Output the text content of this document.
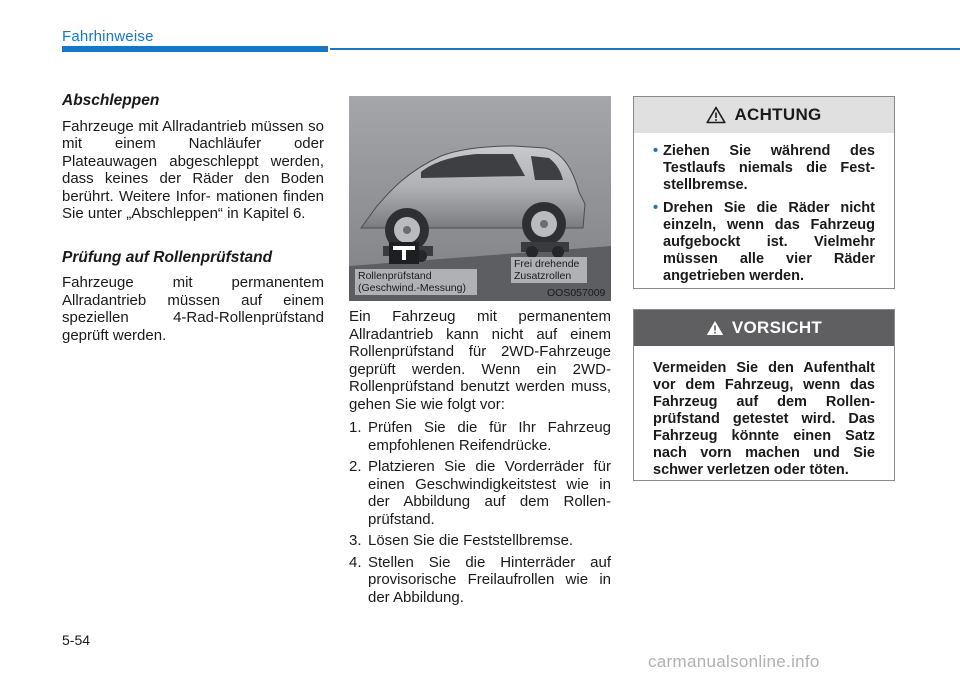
Fahrhinweise
Abschleppen

Fahrzeuge mit Allradantrieb müssen so mit einem Nachläufer oder Plateauwagen abgeschleppt werden, dass keines der Räder den Boden berührt. Weitere Infor- mationen finden Sie unter „Abschleppen“ in Kapitel 6.

Prüfung auf Rollenprüfstand

Fahrzeuge mit permanentem Allradantrieb müssen auf einem speziellen 4-Rad-Rollenprüfstand geprüft werden.

Rollenprüfstand (Geschwind.-Messung)
Frei drehende Zusatzrollen
OOS057009

Ein Fahrzeug mit permanentem Allradantrieb kann nicht auf einem Rollenprüfstand für 2WD-Fahrzeuge geprüft werden. Wenn ein 2WD- Rollenprüfstand benutzt werden muss, gehen Sie wie folgt vor:

1. Prüfen Sie die für Ihr Fahrzeug empfohlenen Reifendrücke.
2. Platzieren Sie die Vorderräder für einen Geschwindigkeitstest wie in der Abbildung auf dem Rollen- prüfstand.
3. Lösen Sie die Feststellbremse.
4. Stellen Sie die Hinterräder auf provisorische Freilaufrollen wie in der Abbildung.
ACHTUNG
• Ziehen Sie während des Testlaufs niemals die Fest- stellbremse.
• Drehen Sie die Räder nicht einzeln, wenn das Fahrzeug aufgebockt ist. Vielmehr müssen alle vier Räder angetrieben werden.
VORSICHT

Vermeiden Sie den Aufenthalt vor dem Fahrzeug, wenn das Fahrzeug auf dem Rollen- prüfstand getestet wird. Das Fahrzeug könnte einen Satz nach vorn machen und Sie schwer verletzen oder töten.

5-54
carmanualsonline.info
